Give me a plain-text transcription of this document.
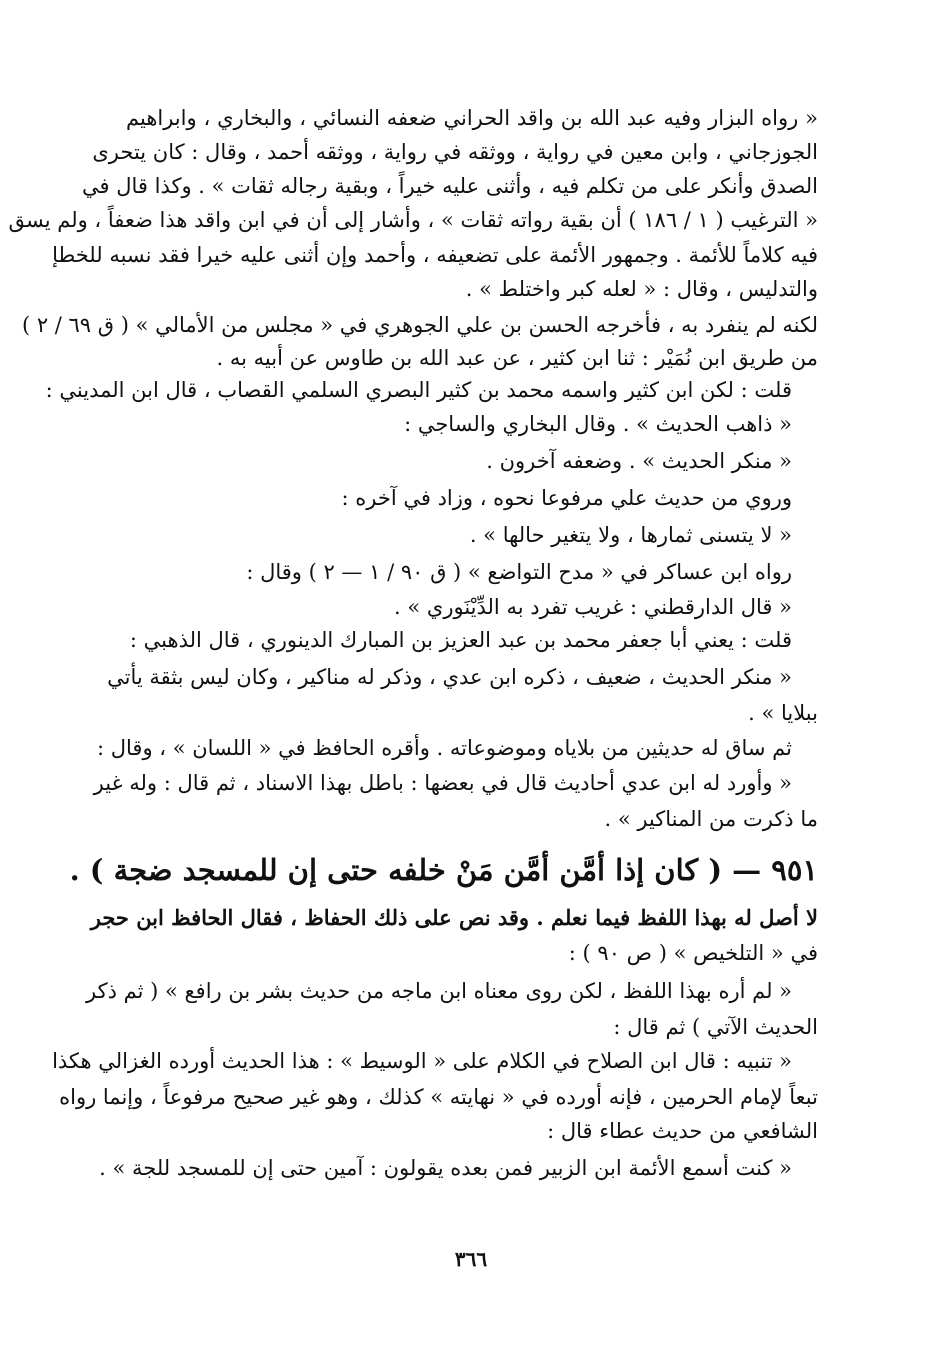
« رواه البزار وفيه عبد الله بن واقد الحراني ضعفه النسائي ، والبخاري ، وابراهيم
الجوزجاني ، وابن معين في رواية ، ووثقه في رواية ، ووثقه أحمد ، وقال : كان يتحرى
الصدق وأنكر على من تكلم فيه ، وأثنى عليه خيراً ، وبقية رجاله ثقات » . وكذا قال في
« الترغيب ( ١ / ١٨٦ ) أن بقية رواته ثقات » ، وأشار إلى أن في ابن واقد هذا ضعفاً ، ولم يسق
فيه كلاماً للأئمة . وجمهور الأئمة على تضعيفه ، وأحمد وإن أثنى عليه خيرا فقد نسبه للخطإ
والتدليس ، وقال : « لعله كبر واختلط » .
لكنه لم ينفرد به ، فأخرجه الحسن بن علي الجوهري في « مجلس من الأمالي » ( ق ٦٩ / ٢ )
من طريق ابن نُمَيْر : ثنا ابن كثير ، عن عبد الله بن طاوس عن أبيه به .
قلت : لكن ابن كثير واسمه محمد بن كثير البصري السلمي القصاب ، قال ابن المديني :
« ذاهب الحديث » . وقال البخاري والساجي :
« منكر الحديث » . وضعفه آخرون .
وروي من حديث علي مرفوعا نحوه ، وزاد في آخره :
« لا يتسنى ثمارها ، ولا يتغير حالها » .
رواه ابن عساكر في « مدح التواضع » ( ق ٩٠ / ١ — ٢ ) وقال :
« قال الدارقطني : غريب تفرد به الدِّيْنَوري » .
قلت : يعني أبا جعفر محمد بن عبد العزيز بن المبارك الدينوري ، قال الذهبي :
« منكر الحديث ، ضعيف ، ذكره ابن عدي ، وذكر له مناكير ، وكان ليس بثقة يأتي
ببلايا » .
ثم ساق له حديثين من بلاياه وموضوعاته . وأقره الحافظ في « اللسان » ، وقال :
« وأورد له ابن عدي أحاديث قال في بعضها : باطل بهذا الاسناد ، ثم قال : وله غير
ما ذكرت من المناكير » .
٩٥١ — ( كان إذا أمَّن أمَّن مَنْ خلفه حتى إن للمسجد ضجة ) .
لا أصل له بهذا اللفظ فيما نعلم . وقد نص على ذلك الحفاظ ، فقال الحافظ ابن حجر
في « التلخيص » ( ص ٩٠ ) :
« لم أره بهذا اللفظ ، لكن روى معناه ابن ماجه من حديث بشر بن رافع » ( ثم ذكر
الحديث الآتي ) ثم قال :
« تنبيه : قال ابن الصلاح في الكلام على « الوسيط » : هذا الحديث أورده الغزالي هكذا
تبعاً لإمام الحرمين ، فإنه أورده في « نهايته » كذلك ، وهو غير صحيح مرفوعاً ، وإنما رواه
الشافعي من حديث عطاء قال :
« كنت أسمع الأئمة ابن الزبير فمن بعده يقولون : آمين حتى إن للمسجد للجة » .
٣٦٦
